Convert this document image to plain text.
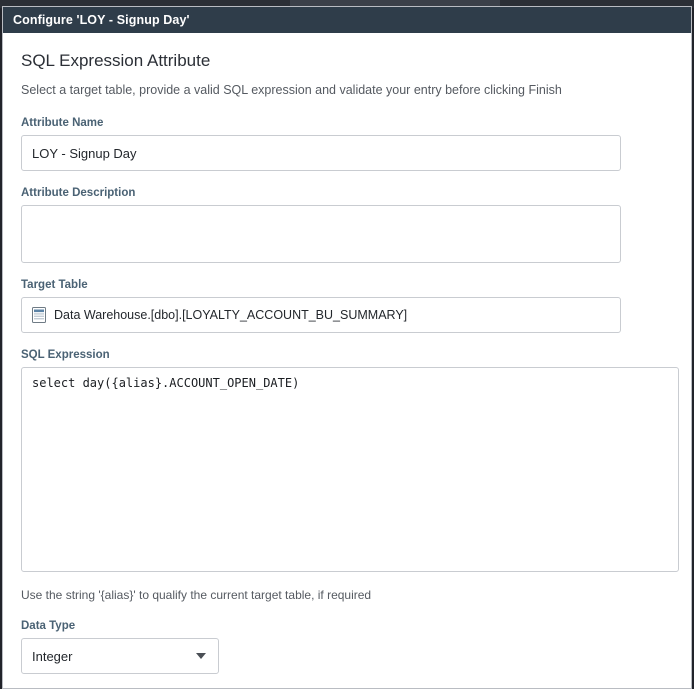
Configure 'LOY - Signup Day'
SQL Expression Attribute
Select a target table, provide a valid SQL expression and validate your entry before clicking Finish
Attribute Name
LOY - Signup Day
Attribute Description
Target Table
Data Warehouse.[dbo].[LOYALTY_ACCOUNT_BU_SUMMARY]
SQL Expression
select day({alias}.ACCOUNT_OPEN_DATE)
Use the string '{alias}' to qualify the current target table, if required
Data Type
Integer
